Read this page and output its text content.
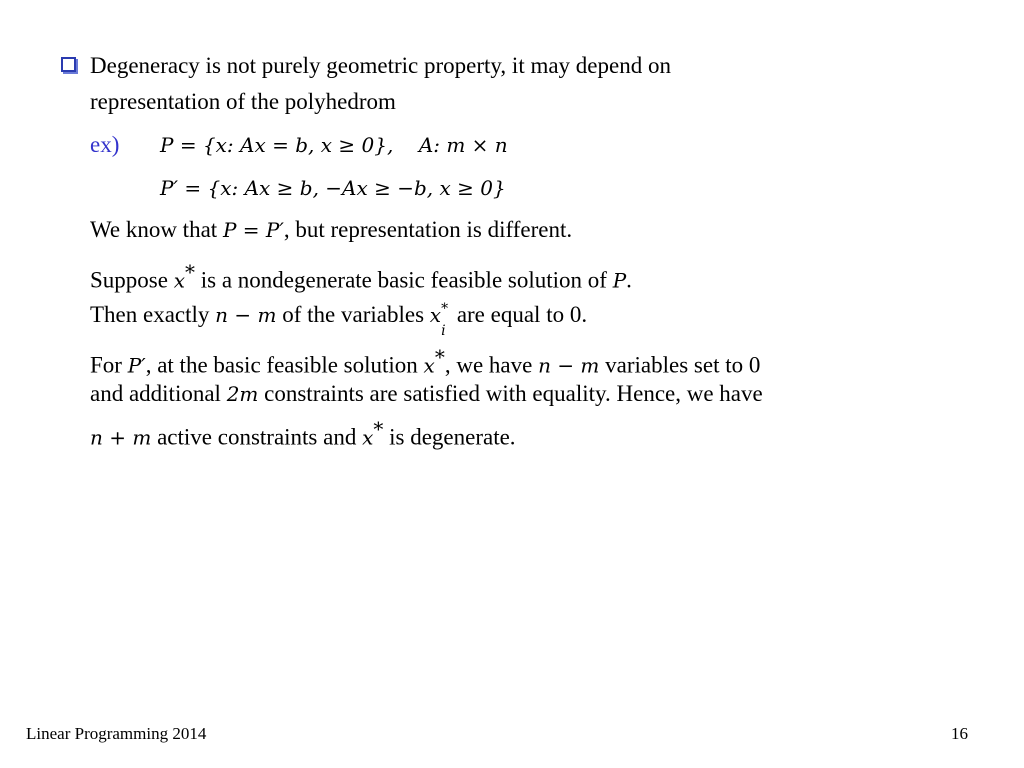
Degeneracy is not purely geometric property, it may depend on
representation of the polyhedrom
ex) P = {x: Ax = b, x ≥ 0}, A: m × n
P′ = {x: Ax ≥ b, −Ax ≥ −b, x ≥ 0}
We know that P = P′, but representation is different.
Suppose x* is a nondegenerate basic feasible solution of P.
Then exactly n − m of the variables x
i
* are equal to 0.
For P′, at the basic feasible solution x*, we have n − m variables set to 0
and additional 2m constraints are satisfied with equality. Hence, we have
n + m active constraints and x* is degenerate.
Linear Programming 2014	16
